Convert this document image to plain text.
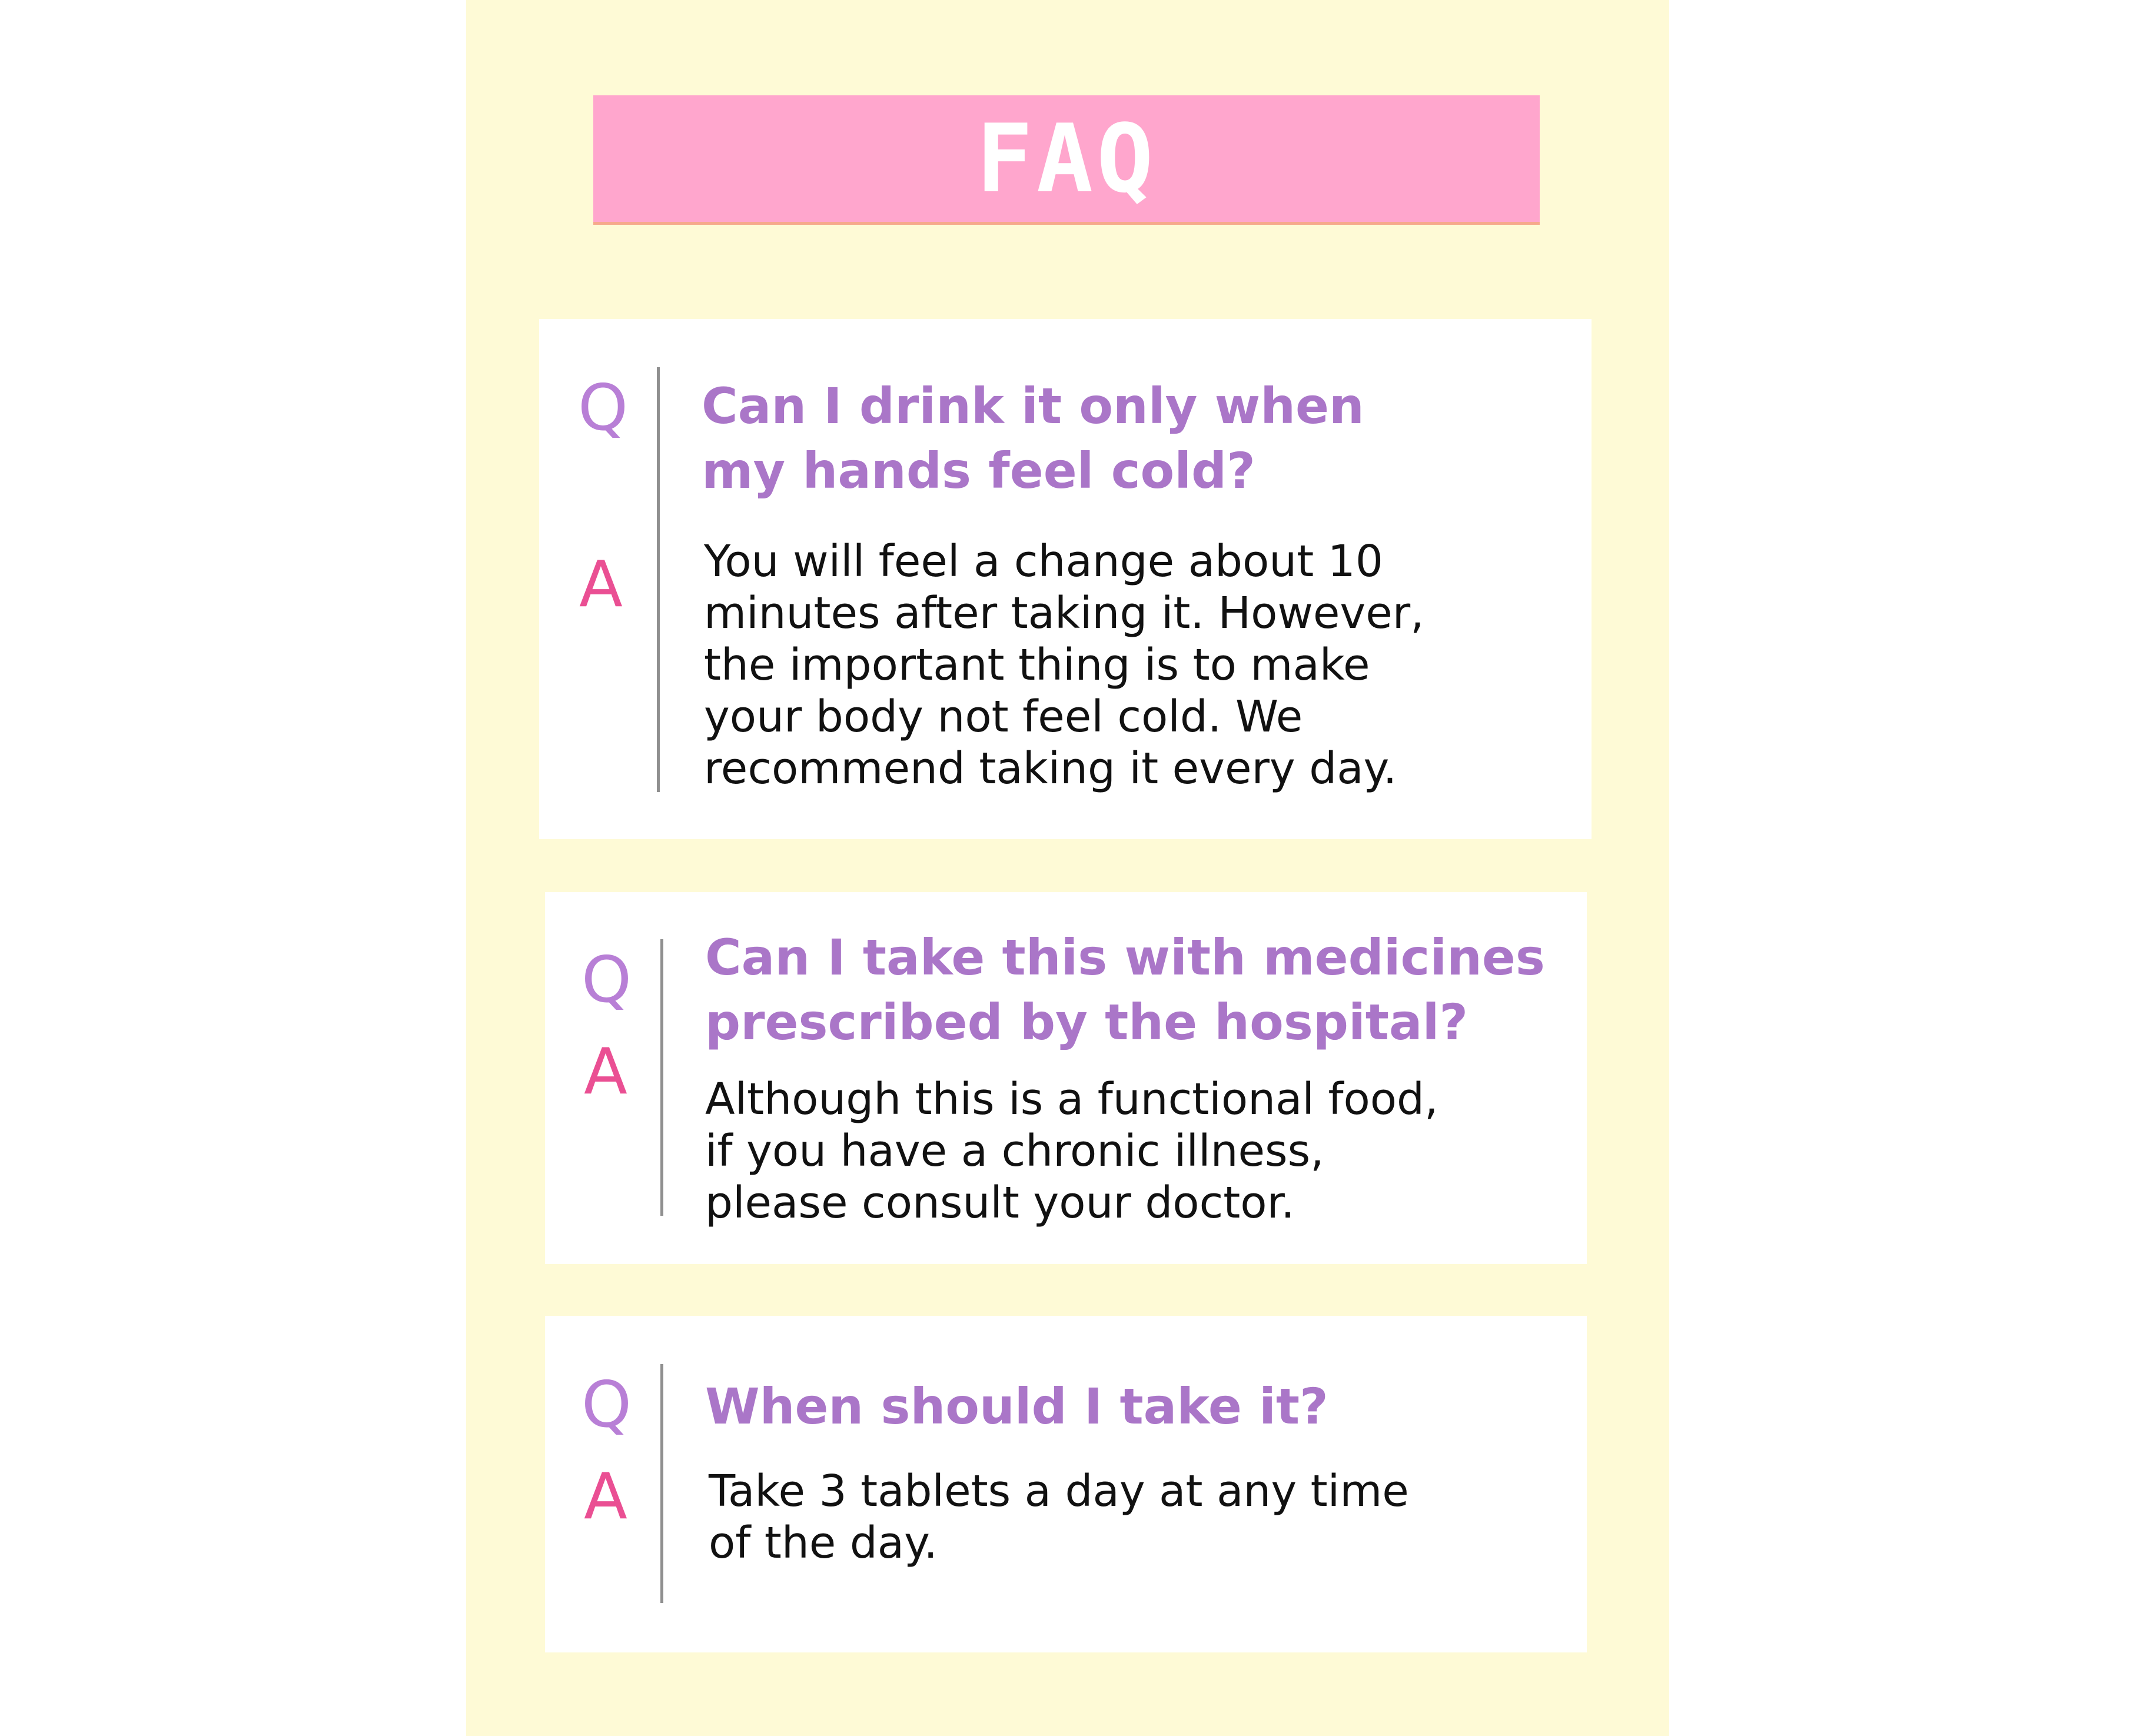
FAQ
Q Can I drink it only when
my hands feel cold?
A You will feel a change about 10
minutes after taking it. However,
the important thing is to make
your body not feel cold. We
recommend taking it every day.
Q Can I take this with medicines
prescribed by the hospital?
A Although this is a functional food,
if you have a chronic illness,
please consult your doctor.
Q When should I take it?
A Take 3 tablets a day at any time
of the day.
